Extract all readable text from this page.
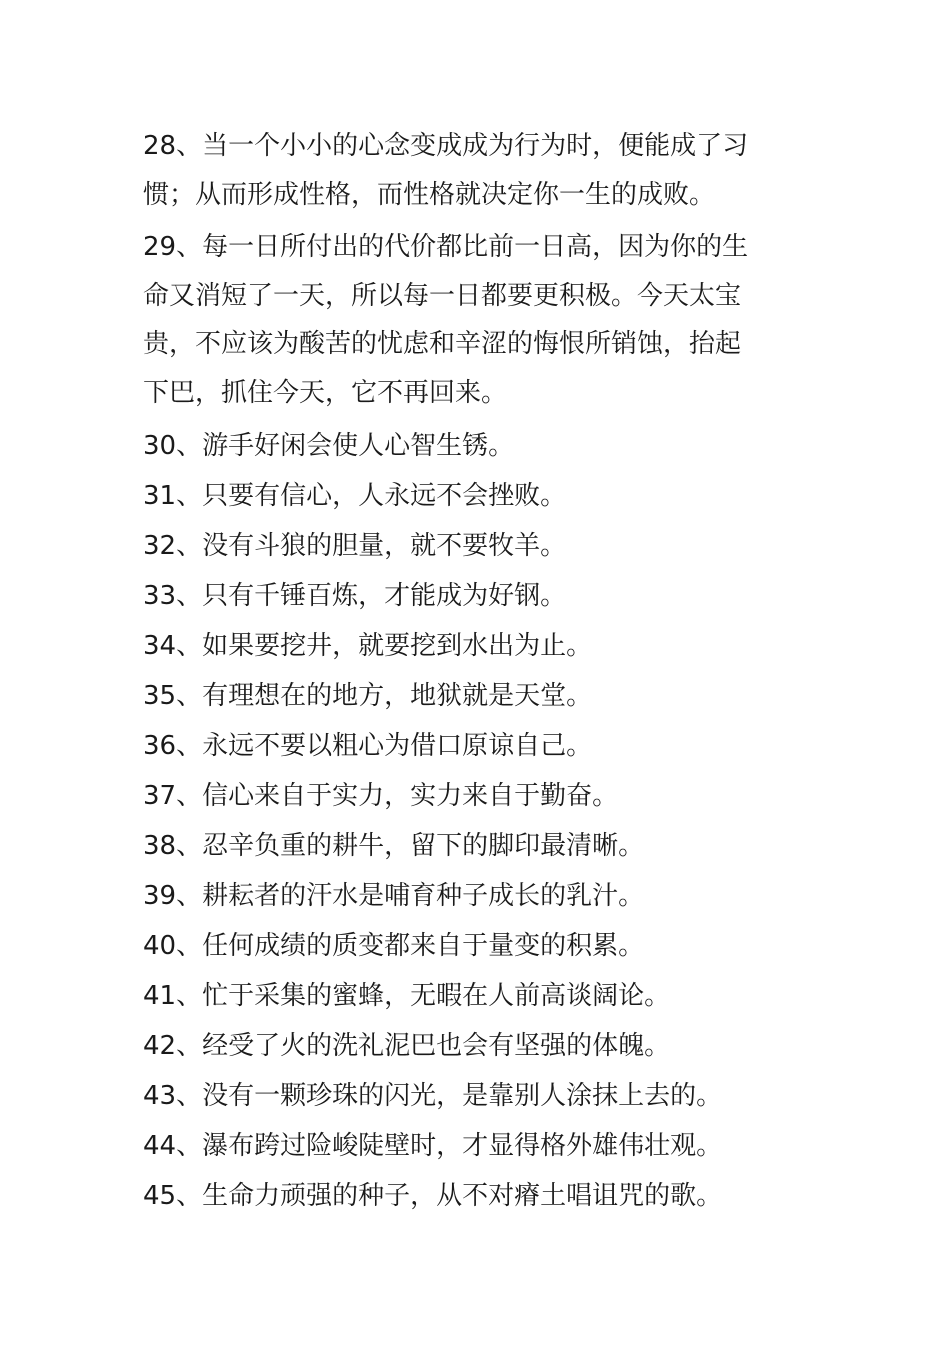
28、当一个小小的心念变成成为行为时，便能成了习
惯；从而形成性格，而性格就决定你一生的成败。
29、每一日所付出的代价都比前一日高，因为你的生
命又消短了一天，所以每一日都要更积极。今天太宝
贵，不应该为酸苦的忧虑和辛涩的悔恨所销蚀，抬起
下巴，抓住今天，它不再回来。
30、游手好闲会使人心智生锈。
31、只要有信心，人永远不会挫败。
32、没有斗狼的胆量，就不要牧羊。
33、只有千锤百炼，才能成为好钢。
34、如果要挖井，就要挖到水出为止。
35、有理想在的地方，地狱就是天堂。
36、永远不要以粗心为借口原谅自己。
37、信心来自于实力，实力来自于勤奋。
38、忍辛负重的耕牛，留下的脚印最清晰。
39、耕耘者的汗水是哺育种子成长的乳汁。
40、任何成绩的质变都来自于量变的积累。
41、忙于采集的蜜蜂，无暇在人前高谈阔论。
42、经受了火的洗礼泥巴也会有坚强的体魄。
43、没有一颗珍珠的闪光，是靠别人涂抹上去的。
44、瀑布跨过险峻陡壁时，才显得格外雄伟壮观。
45、生命力顽强的种子，从不对瘠土唱诅咒的歌。
